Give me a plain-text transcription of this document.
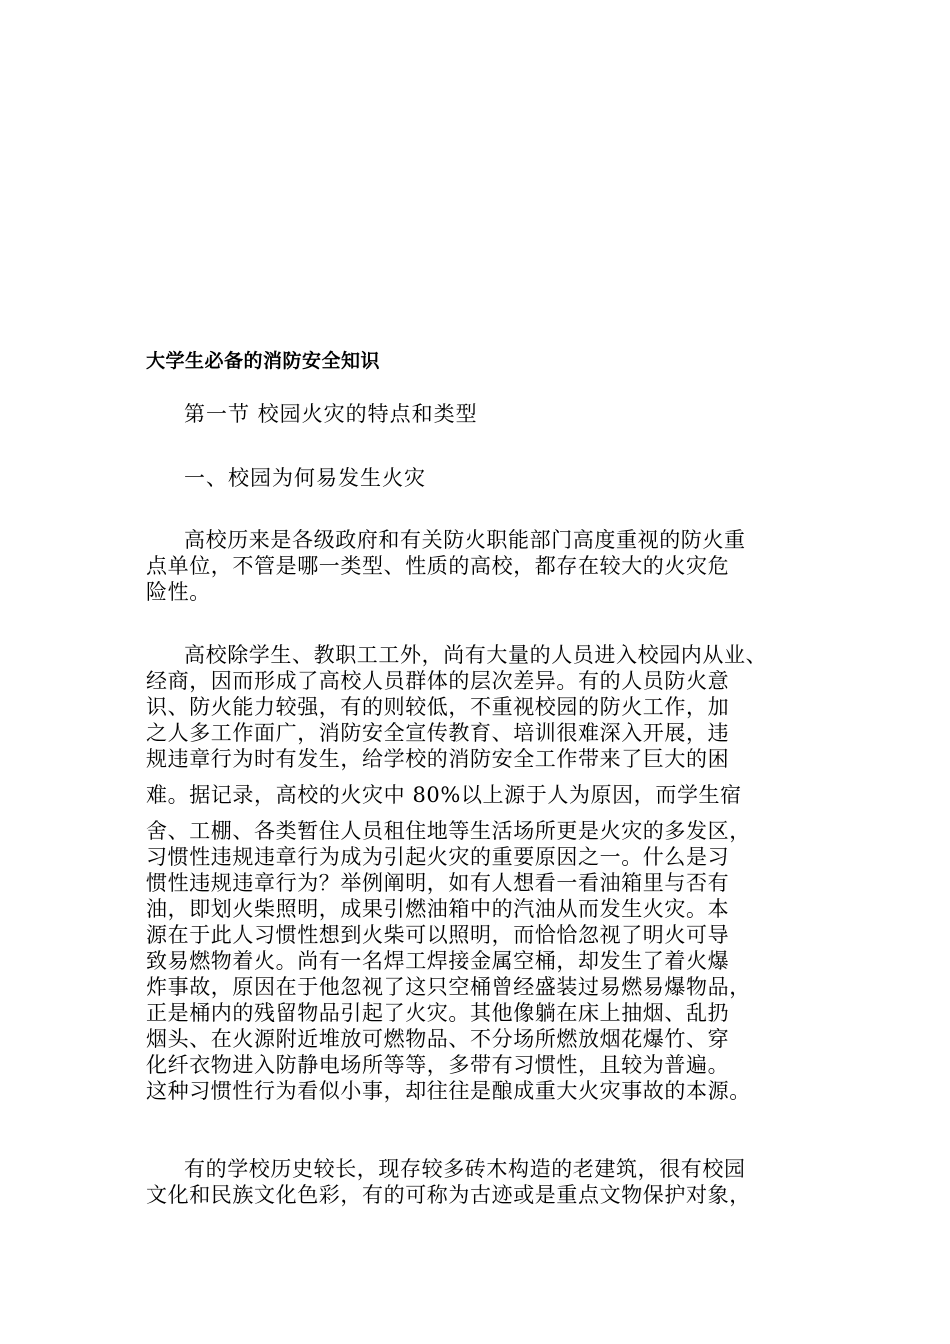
大学生必备的消防安全知识
第一节 校园火灾的特点和类型
一、校园为何易发生火灾
高校历来是各级政府和有关防火职能部门高度重视的防火重
点单位，不管是哪一类型、性质的高校，都存在较大的火灾危
险性。
高校除学生、教职工工外，尚有大量的人员进入校园内从业、
经商，因而形成了高校人员群体的层次差异。有的人员防火意
识、防火能力较强，有的则较低，不重视校园的防火工作，加
之人多工作面广，消防安全宣传教育、培训很难深入开展，违
规违章行为时有发生，给学校的消防安全工作带来了巨大的困
难。据记录，高校的火灾中 80%以上源于人为原因，而学生宿
舍、工棚、各类暂住人员租住地等生活场所更是火灾的多发区，
习惯性违规违章行为成为引起火灾的重要原因之一。什么是习
惯性违规违章行为？举例阐明，如有人想看一看油箱里与否有
油，即划火柴照明，成果引燃油箱中的汽油从而发生火灾。本
源在于此人习惯性想到火柴可以照明，而恰恰忽视了明火可导
致易燃物着火。尚有一名焊工焊接金属空桶，却发生了着火爆
炸事故，原因在于他忽视了这只空桶曾经盛装过易燃易爆物品，
正是桶内的残留物品引起了火灾。其他像躺在床上抽烟、乱扔
烟头、在火源附近堆放可燃物品、不分场所燃放烟花爆竹、穿
化纤衣物进入防静电场所等等，多带有习惯性，且较为普遍。
这种习惯性行为看似小事，却往往是酿成重大火灾事故的本源。
有的学校历史较长，现存较多砖木构造的老建筑，很有校园
文化和民族文化色彩，有的可称为古迹或是重点文物保护对象，
